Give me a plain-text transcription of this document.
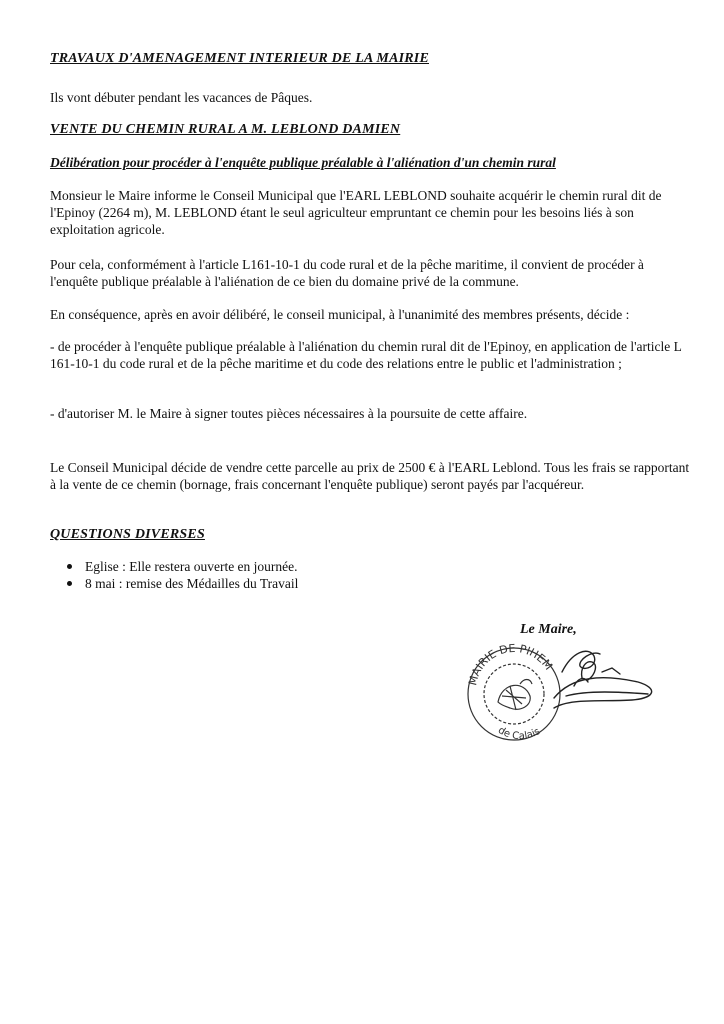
TRAVAUX D'AMENAGEMENT INTERIEUR DE LA MAIRIE

Ils vont débuter pendant les vacances de Pâques.

VENTE DU CHEMIN RURAL A M. LEBLOND DAMIEN

Délibération pour procéder à l'enquête publique préalable à l'aliénation d'un chemin rural

Monsieur le Maire informe le Conseil Municipal que l'EARL LEBLOND souhaite acquérir le chemin rural dit de l'Epinoy (2264 m), M. LEBLOND étant le seul agriculteur empruntant ce chemin pour les besoins liés à son exploitation agricole.

Pour cela, conformément à l'article L161-10-1 du code rural et de la pêche maritime, il convient de procéder à l'enquête publique préalable à l'aliénation de ce bien du domaine privé de la commune.

En conséquence, après en avoir délibéré, le conseil municipal, à l'unanimité des membres présents, décide :

- de procéder à l'enquête publique préalable à l'aliénation du chemin rural dit de l'Epinoy, en application de l'article L 161-10-1 du code rural et de la pêche maritime et du code des relations entre le public et l'administration ;

- d'autoriser M. le Maire à signer toutes pièces nécessaires à la poursuite de cette affaire.

Le Conseil Municipal décide de vendre cette parcelle au prix de 2500 € à l'EARL Leblond. Tous les frais se rapportant à la vente de ce chemin (bornage, frais concernant l'enquête publique) seront payés par l'acquéreur.

QUESTIONS DIVERSES

Eglise : Elle restera ouverte en journée.
8 mai : remise des Médailles du Travail

Le Maire,

MAIRIE DE PIHEM
de Calais
